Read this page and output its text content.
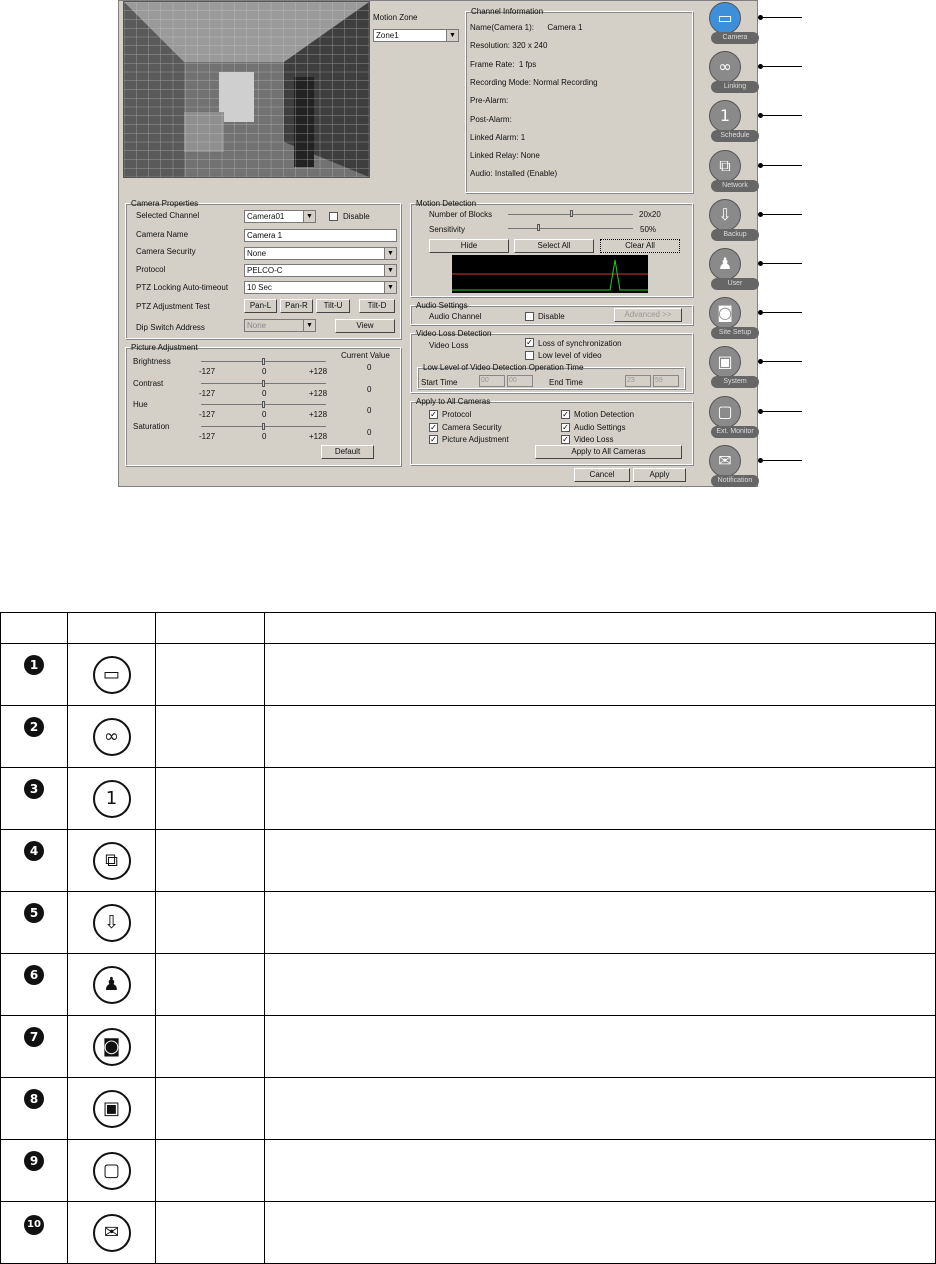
Motion Zone
Zone1	▼
Channel Information
Name(Camera 1):      Camera 1
Resolution: 320 x 240
Frame Rate:  1 fps
Recording Mode: Normal Recording
Pre-Alarm:
Post-Alarm:
Linked Alarm: 1
Linked Relay: None
Audio: Installed (Enable)
Camera Properties
Selected Channel	Camera01	▼	Disable
Camera Name	Camera 1
Camera Security	None	▼
Protocol	PELCO-C	▼
PTZ Locking Auto-timeout	10 Sec	▼
PTZ Adjustment Test	Pan-L	Pan-R	Tilt-U	Tilt-D
Dip Switch Address	None	▼	View
Picture Adjustment
Current Value
Brightness
-127	0	+128	0
Contrast
-127	0	+128	0
Hue
-127	0	+128	0
Saturation
-127	0	+128	0
Default
Motion Detection
Number of Blocks	20x20
Sensitivity	50%
Hide	Select All	Clear All
Audio Settings
Audio Channel	Disable	Advanced >>
Video Loss Detection
Video Loss	✓ Loss of synchronization
Low level of video
Low Level of Video Detection Operation Time
Start Time	00	00	End Time	23	59
Apply to All Cameras
✓ Protocol	✓ Motion Detection
✓ Camera Security	✓ Audio Settings
✓ Picture Adjustment	✓ Video Loss
Apply to All Cameras
Cancel	Apply
▭
Camera
∞
Linking
1
Schedule
⧉
Network
⇩
Backup
♟
User
◙
Site Setup
▣
System
▢
Ext. Monitor
✉
Notification

1	▭		
2	∞		
3	1		
4	⧉		
5	⇩		
6	♟		
7	◙		
8	▣		
9	▢		
10	✉		
